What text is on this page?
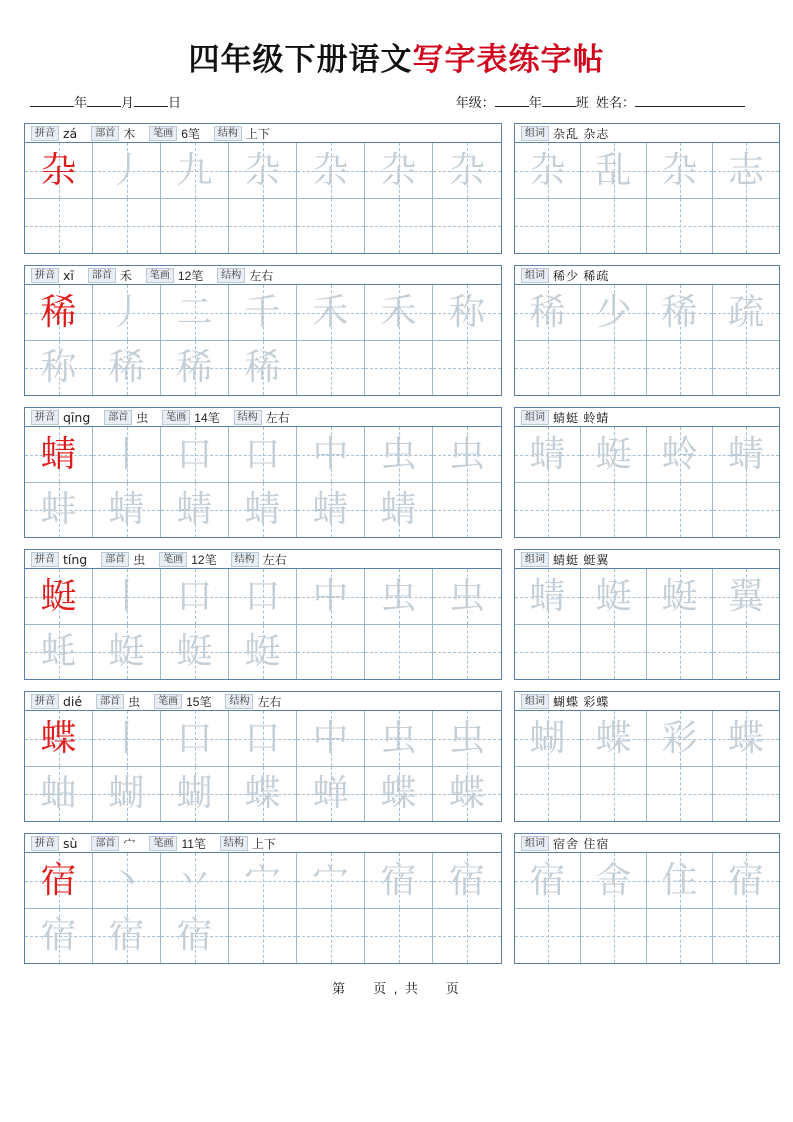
四年级下册语文写字表练字帖
年	月	日	年级：	年	班 姓名：
拼音 zá	部首 木	笔画 6笔	结构 上下
杂 丿 九 杂 杂 杂 杂
组词 杂乱 杂志
杂 乱 杂 志
拼音 xī	部首 禾	笔画 12笔	结构 左右
稀 丿 二 千 禾 禾 称
称 稀 稀 稀
组词 稀少 稀疏
稀 少 稀 疏
拼音 qīng	部首 虫	笔画 14笔	结构 左右
蜻 丨 口 口 中 虫 虫
蚌 蜻 蜻 蜻 蜻 蜻
组词 蜻蜓 蛉蜻
蜻 蜓 蛉 蜻
拼音 tíng	部首 虫	笔画 12笔	结构 左右
蜓 丨 口 口 中 虫 虫
蚝 蜓 蜓 蜓
组词 蜻蜓 蜓翼
蜻 蜓 蜓 翼
拼音 dié	部首 虫	笔画 15笔	结构 左右
蝶 丨 口 口 中 虫 虫
蚰 蝴 蝴 蝶 蝉 蝶 蝶
组词 蝴蝶 彩蝶
蝴 蝶 彩 蝶
拼音 sù	部首 宀	笔画 11笔	结构 上下
宿 丶 丷 宀 宀 宿 宿
宿 宿 宿
组词 宿舍 住宿
宿 舍 住 宿
第 页 , 共 页
